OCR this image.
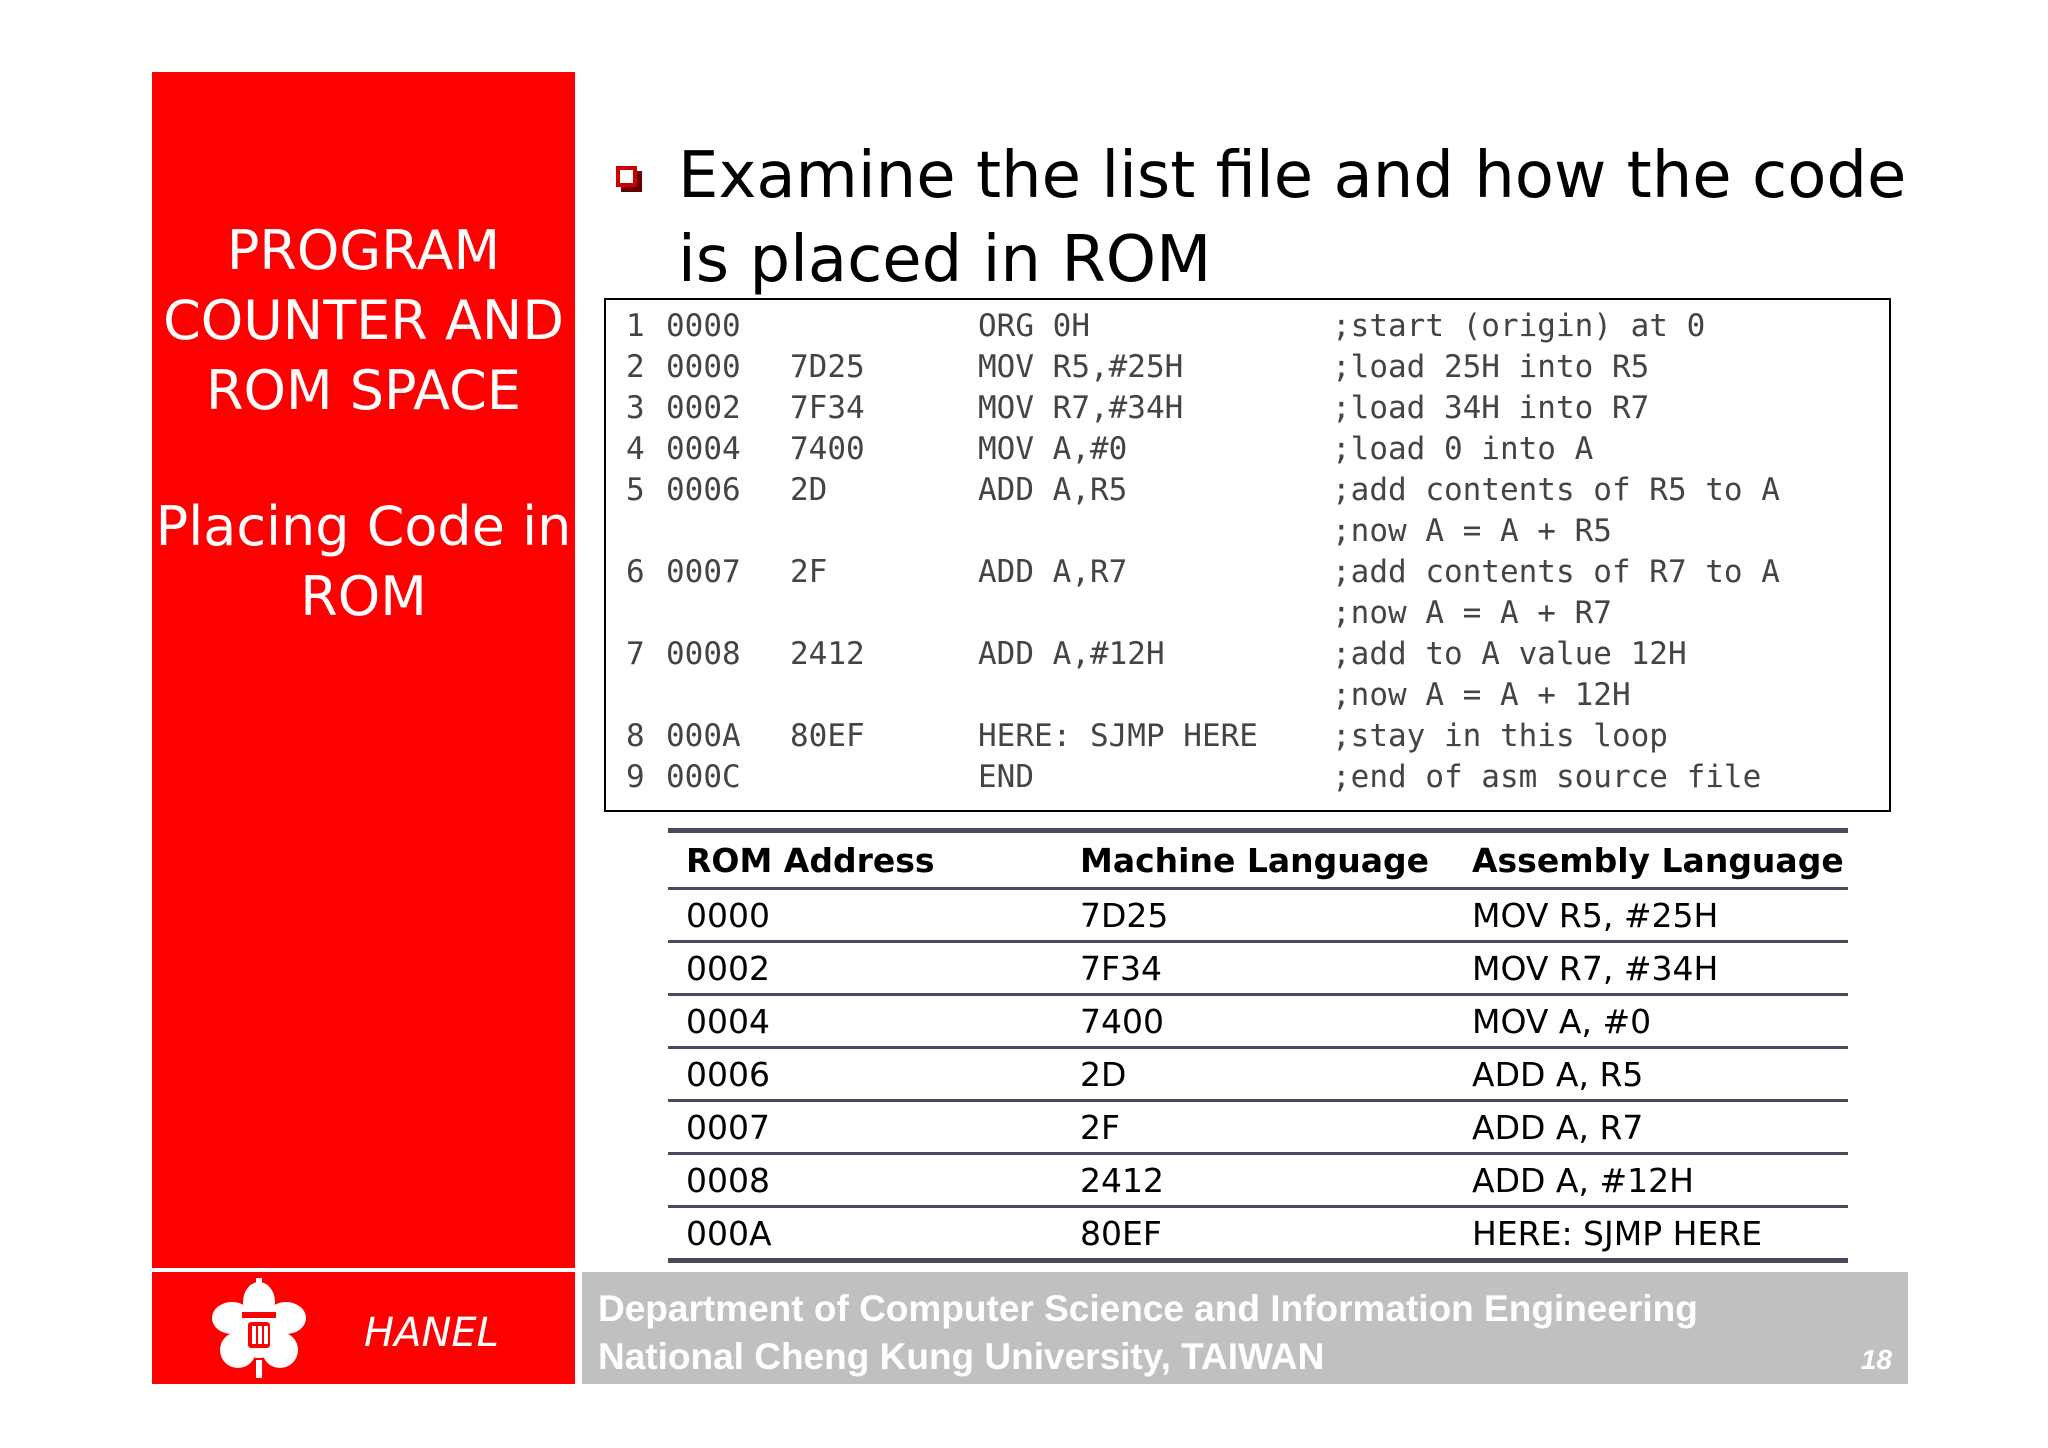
PROGRAM
COUNTER AND
ROM SPACE
Placing Code in
ROM
Examine the list file and how the code is placed in ROM
1 0000	ORG 0H	;start (origin) at 0
2 0000 7D25	MOV R5,#25H	;load 25H into R5
3 0002 7F34	MOV R7,#34H	;load 34H into R7
4 0004 7400	MOV A,#0	;load 0 into A
5 0006 2D	ADD A,R5	;add contents of R5 to A
;now A = A + R5
6 0007 2F	ADD A,R7	;add contents of R7 to A
;now A = A + R7
7 0008 2412	ADD A,#12H	;add to A value 12H
;now A = A + 12H
8 000A 80EF	HERE: SJMP HERE ;stay in this loop
9 000C	END	;end of asm source file
ROM Address	Machine Language	Assembly Language
0000	7D25	MOV R5, #25H
0002	7F34	MOV R7, #34H
0004	7400	MOV A, #0
0006	2D	ADD A, R5
0007	2F	ADD A, R7
0008	2412	ADD A, #12H
000A	80EF	HERE: SJMP HERE
HANEL
Department of Computer Science and Information Engineering
National Cheng Kung University, TAIWAN	18
